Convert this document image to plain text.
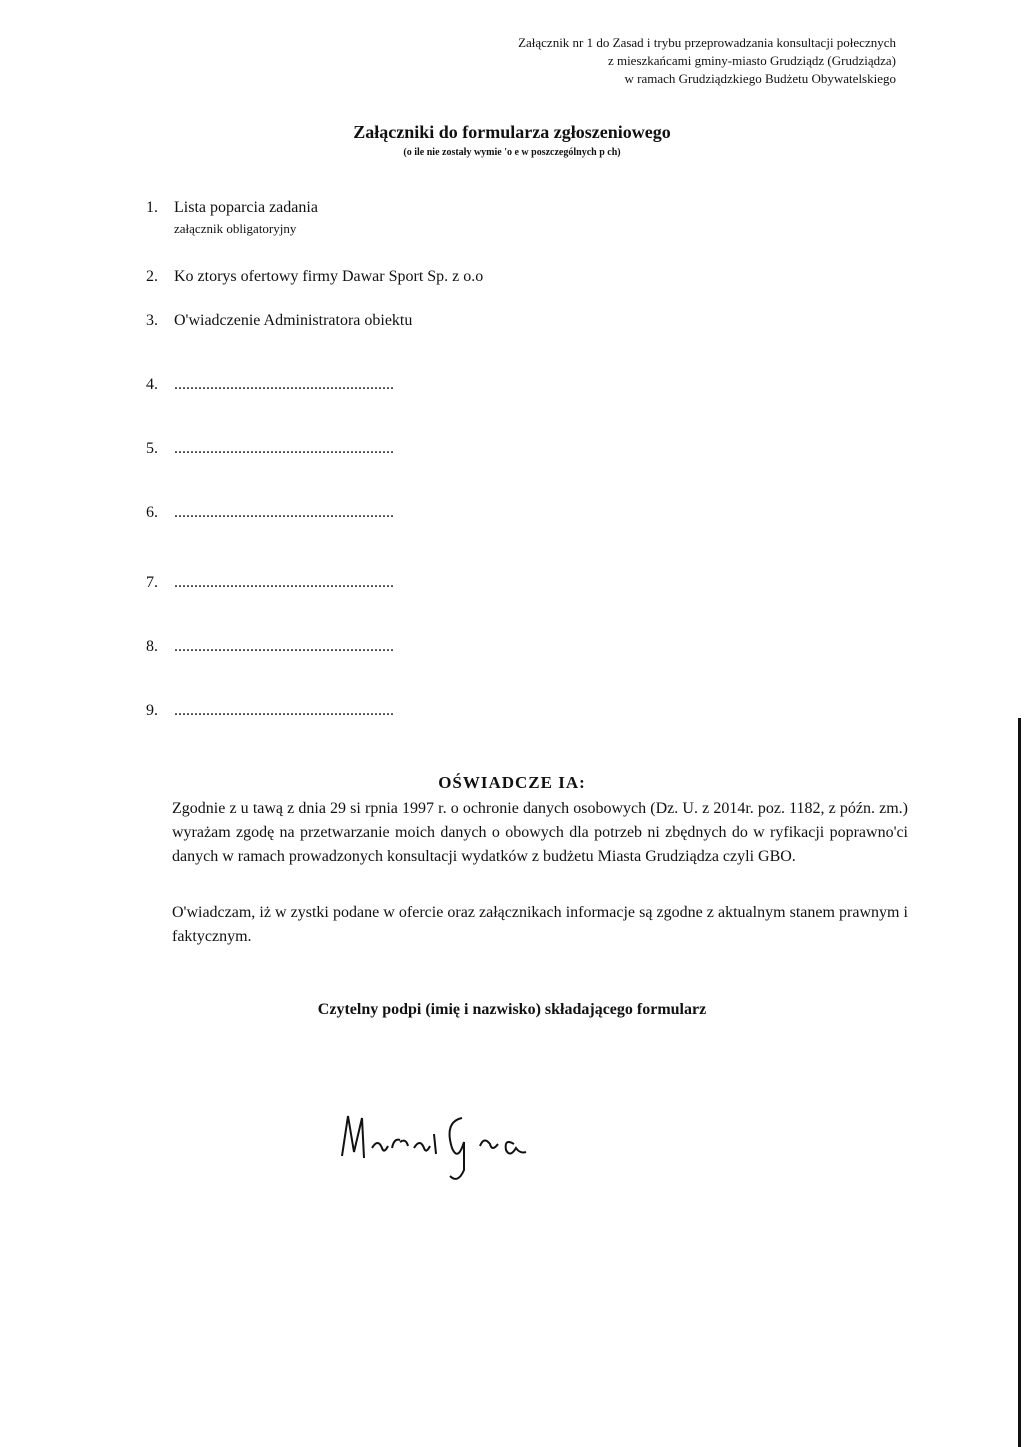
Załącznik nr 1 do Zasad i trybu przeprowadzania konsultacji połecznych
z mieszkańcami gminy-miasto Grudziądz (Grudziądza)
w ramach Grudziądzkiego Budżetu Obywatelskiego
Załączniki do formularza zgłoszeniowego
(o ile nie zostały wymie 'o e w poszczególnych p ch)
1. Lista poparcia zadania
załącznik obligatoryjny
2. Ko ztorys ofertowy firmy Dawar Sport Sp. z o.o
3. O'wiadczenie Administratora obiektu
4. .......................................................
5. .......................................................
6. .......................................................
7. .......................................................
8. .......................................................
9. .......................................................
OŚWIADCZE IA:
Zgodnie z u tawą z dnia 29 si rpnia 1997 r. o ochronie danych osobowych (Dz. U. z 2014r. poz. 1182, z późn. zm.) wyrażam zgodę na przetwarzanie moich danych o obowych dla potrzeb ni zbędnych do w ryfikacji poprawno'ci danych w ramach prowadzonych konsultacji wydatków z budżetu Miasta Grudziądza czyli GBO.
O'wiadczam, iż w zystki podane w ofercie oraz załącznikach informacje są zgodne z aktualnym stanem prawnym i faktycznym.
Czytelny podpi (imię i nazwisko) składającego formularz
